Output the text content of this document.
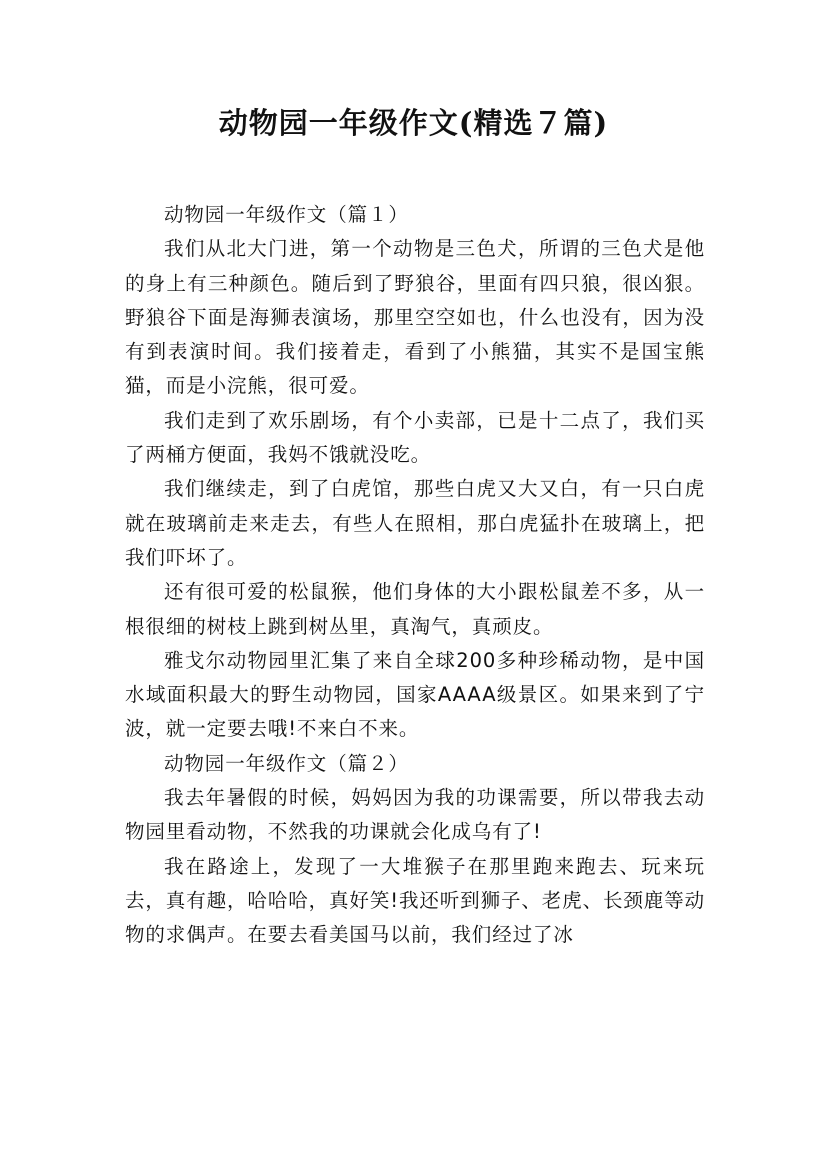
动物园一年级作文(精选７篇)

动物园一年级作文（篇１）

我们从北大门进，第一个动物是三色犬，所谓的三色犬是他的身上有三种颜色。随后到了野狼谷，里面有四只狼，很凶狠。野狼谷下面是海狮表演场，那里空空如也，什么也没有，因为没有到表演时间。我们接着走，看到了小熊猫，其实不是国宝熊猫，而是小浣熊，很可爱。

我们走到了欢乐剧场，有个小卖部，已是十二点了，我们买了两桶方便面，我妈不饿就没吃。

我们继续走，到了白虎馆，那些白虎又大又白，有一只白虎就在玻璃前走来走去，有些人在照相，那白虎猛扑在玻璃上，把我们吓坏了。

还有很可爱的松鼠猴，他们身体的大小跟松鼠差不多，从一根很细的树枝上跳到树丛里，真淘气，真顽皮。

雅戈尔动物园里汇集了来自全球200多种珍稀动物，是中国水域面积最大的野生动物园，国家AAAA级景区。如果来到了宁波，就一定要去哦!不来白不来。

动物园一年级作文（篇２）

我去年暑假的时候，妈妈因为我的功课需要，所以带我去动物园里看动物，不然我的功课就会化成乌有了!

我在路途上，发现了一大堆猴子在那里跑来跑去、玩来玩去，真有趣，哈哈哈，真好笑!我还听到狮子、老虎、长颈鹿等动物的求偶声。在要去看美国马以前，我们经过了冰
